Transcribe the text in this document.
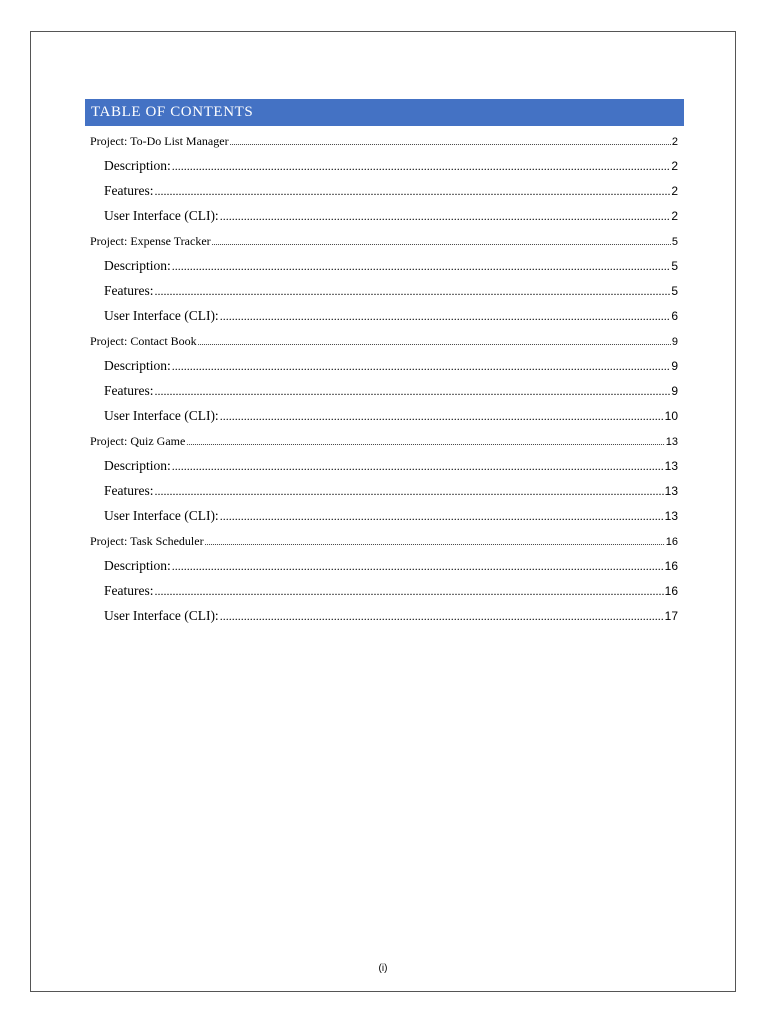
TABLE OF CONTENTS
Project: To-Do List Manager .....	2
Description: .....	2
Features: .....	2
User Interface (CLI): .....	2
Project: Expense Tracker .....	5
Description: .....	5
Features: .....	5
User Interface (CLI): .....	6
Project: Contact Book .....	9
Description: .....	9
Features: .....	9
User Interface (CLI): .....	10
Project: Quiz Game .....	13
Description: .....	13
Features: .....	13
User Interface (CLI): .....	13
Project: Task Scheduler .....	16
Description: .....	16
Features: .....	16
User Interface (CLI): .....	17
(i)
